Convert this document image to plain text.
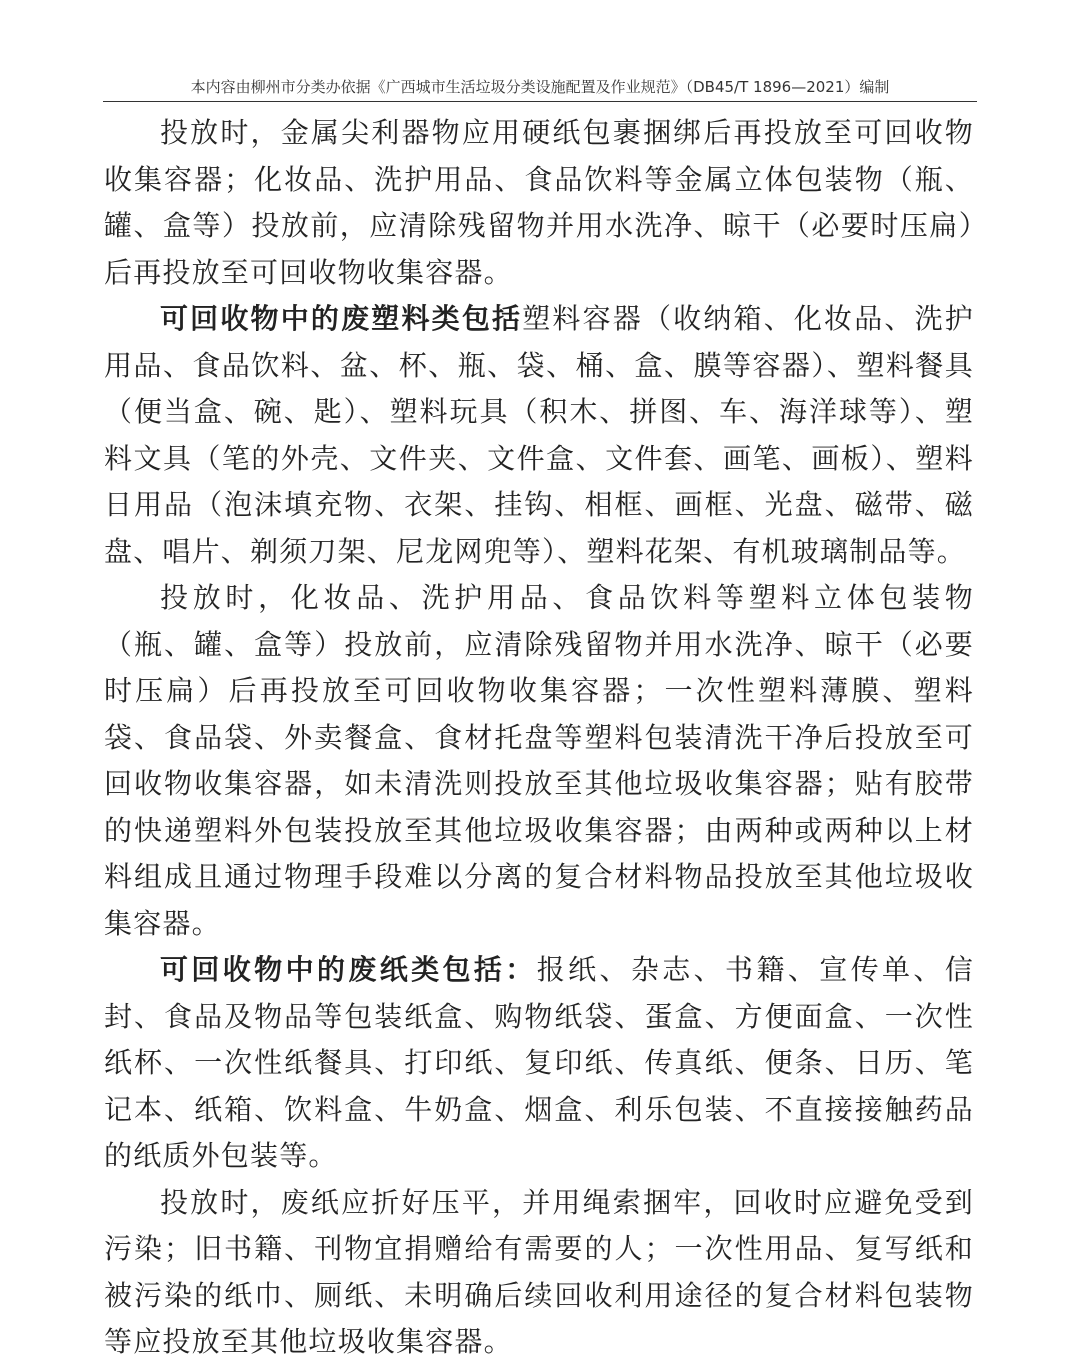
本内容由柳州市分类办依据《广西城市生活垃圾分类设施配置及作业规范》（DB45/T 1896—2021）编制

投放时，金属尖利器物应用硬纸包裹捆绑后再投放至可回收物收集容器；化妆品、洗护用品、食品饮料等金属立体包装物（瓶、罐、盒等）投放前，应清除残留物并用水洗净、晾干（必要时压扁）后再投放至可回收物收集容器。

可回收物中的废塑料类包括塑料容器（收纳箱、化妆品、洗护用品、食品饮料、盆、杯、瓶、袋、桶、盒、膜等容器）、塑料餐具（便当盒、碗、匙）、塑料玩具（积木、拼图、车、海洋球等）、塑料文具（笔的外壳、文件夹、文件盒、文件套、画笔、画板）、塑料日用品（泡沫填充物、衣架、挂钩、相框、画框、光盘、磁带、磁盘、唱片、剃须刀架、尼龙网兜等）、塑料花架、有机玻璃制品等。

投放时，化妆品、洗护用品、食品饮料等塑料立体包装物（瓶、罐、盒等）投放前，应清除残留物并用水洗净、晾干（必要时压扁）后再投放至可回收物收集容器；一次性塑料薄膜、塑料袋、食品袋、外卖餐盒、食材托盘等塑料包装清洗干净后投放至可回收物收集容器，如未清洗则投放至其他垃圾收集容器；贴有胶带的快递塑料外包装投放至其他垃圾收集容器；由两种或两种以上材料组成且通过物理手段难以分离的复合材料物品投放至其他垃圾收集容器。

可回收物中的废纸类包括：报纸、杂志、书籍、宣传单、信封、食品及物品等包装纸盒、购物纸袋、蛋盒、方便面盒、一次性纸杯、一次性纸餐具、打印纸、复印纸、传真纸、便条、日历、笔记本、纸箱、饮料盒、牛奶盒、烟盒、利乐包装、不直接接触药品的纸质外包装等。

投放时，废纸应折好压平，并用绳索捆牢，回收时应避免受到污染；旧书籍、刊物宜捐赠给有需要的人；一次性用品、复写纸和被污染的纸巾、厕纸、未明确后续回收利用途径的复合材料包装物等应投放至其他垃圾收集容器。
